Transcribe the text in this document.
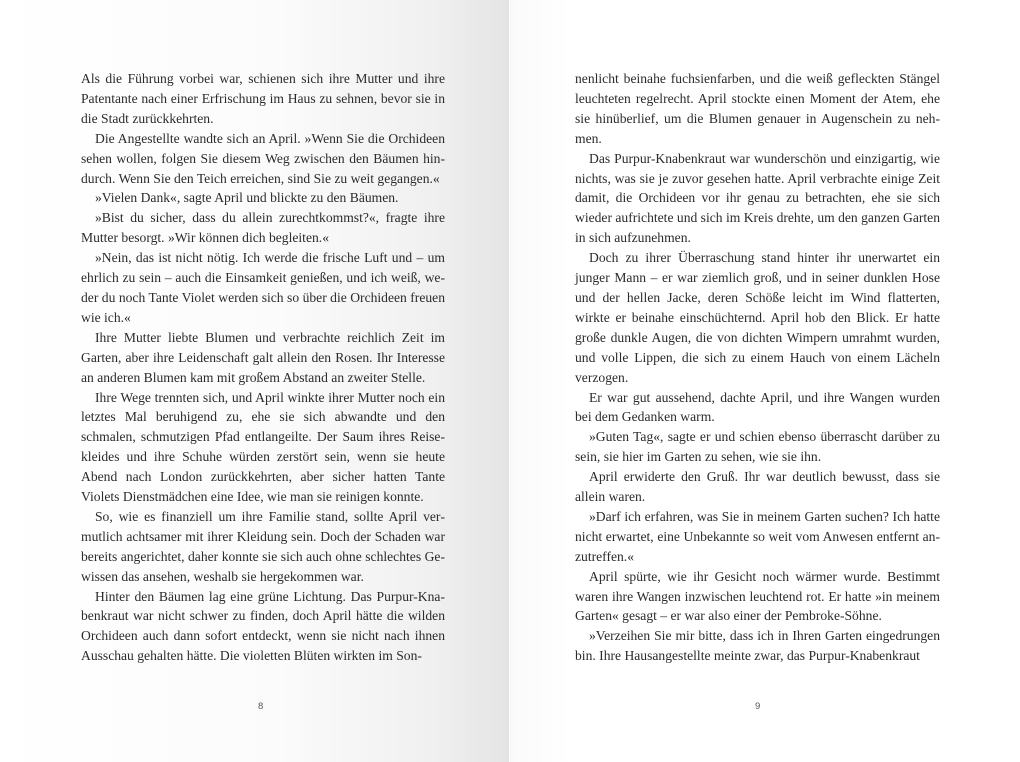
Als die Führung vorbei war, schienen sich ihre Mutter und ihre Patentante nach einer Erfrischung im Haus zu sehnen, bevor sie in die Stadt zurückkehrten.

Die Angestellte wandte sich an April. »Wenn Sie die Orchideen sehen wollen, folgen Sie diesem Weg zwischen den Bäumen hindurch. Wenn Sie den Teich erreichen, sind Sie zu weit gegangen.«

»Vielen Dank«, sagte April und blickte zu den Bäumen.

»Bist du sicher, dass du allein zurechtkommst?«, fragte ihre Mutter besorgt. »Wir können dich begleiten.«

»Nein, das ist nicht nötig. Ich werde die frische Luft und – um ehrlich zu sein – auch die Einsamkeit genießen, und ich weiß, weder du noch Tante Violet werden sich so über die Orchideen freuen wie ich.«

Ihre Mutter liebte Blumen und verbrachte reichlich Zeit im Garten, aber ihre Leidenschaft galt allein den Rosen. Ihr Interesse an anderen Blumen kam mit großem Abstand an zweiter Stelle.

Ihre Wege trennten sich, und April winkte ihrer Mutter noch ein letztes Mal beruhigend zu, ehe sie sich abwandte und den schmalen, schmutzigen Pfad entlangeilte. Der Saum ihres Reisekleides und ihre Schuhe würden zerstört sein, wenn sie heute Abend nach London zurückkehrten, aber sicher hatten Tante Violets Dienstmädchen eine Idee, wie man sie reinigen konnte.

So, wie es finanziell um ihre Familie stand, sollte April vermutlich achtsamer mit ihrer Kleidung sein. Doch der Schaden war bereits angerichtet, daher konnte sie sich auch ohne schlechtes Gewissen das ansehen, weshalb sie hergekommen war.

Hinter den Bäumen lag eine grüne Lichtung. Das Purpur-Knabenkraut war nicht schwer zu finden, doch April hätte die wilden Orchideen auch dann sofort entdeckt, wenn sie nicht nach ihnen Ausschau gehalten hätte. Die violetten Blüten wirkten im Son-

8

nenlicht beinahe fuchsienfarben, und die weiß gefleckten Stängel leuchteten regelrecht. April stockte einen Moment der Atem, ehe sie hinüberlief, um die Blumen genauer in Augenschein zu nehmen.

Das Purpur-Knabenkraut war wunderschön und einzigartig, wie nichts, was sie je zuvor gesehen hatte. April verbrachte einige Zeit damit, die Orchideen vor ihr genau zu betrachten, ehe sie sich wieder aufrichtete und sich im Kreis drehte, um den ganzen Garten in sich aufzunehmen.

Doch zu ihrer Überraschung stand hinter ihr unerwartet ein junger Mann – er war ziemlich groß, und in seiner dunklen Hose und der hellen Jacke, deren Schöße leicht im Wind flatterten, wirkte er beinahe einschüchternd. April hob den Blick. Er hatte große dunkle Augen, die von dichten Wimpern umrahmt wurden, und volle Lippen, die sich zu einem Hauch von einem Lächeln verzogen.

Er war gut aussehend, dachte April, und ihre Wangen wurden bei dem Gedanken warm.

»Guten Tag«, sagte er und schien ebenso überrascht darüber zu sein, sie hier im Garten zu sehen, wie sie ihn.

April erwiderte den Gruß. Ihr war deutlich bewusst, dass sie allein waren.

»Darf ich erfahren, was Sie in meinem Garten suchen? Ich hatte nicht erwartet, eine Unbekannte so weit vom Anwesen entfernt anzutreffen.«

April spürte, wie ihr Gesicht noch wärmer wurde. Bestimmt waren ihre Wangen inzwischen leuchtend rot. Er hatte »in meinem Garten« gesagt – er war also einer der Pembroke-Söhne.

»Verzeihen Sie mir bitte, dass ich in Ihren Garten eingedrungen bin. Ihre Hausangestellte meinte zwar, das Purpur-Knabenkraut

9
